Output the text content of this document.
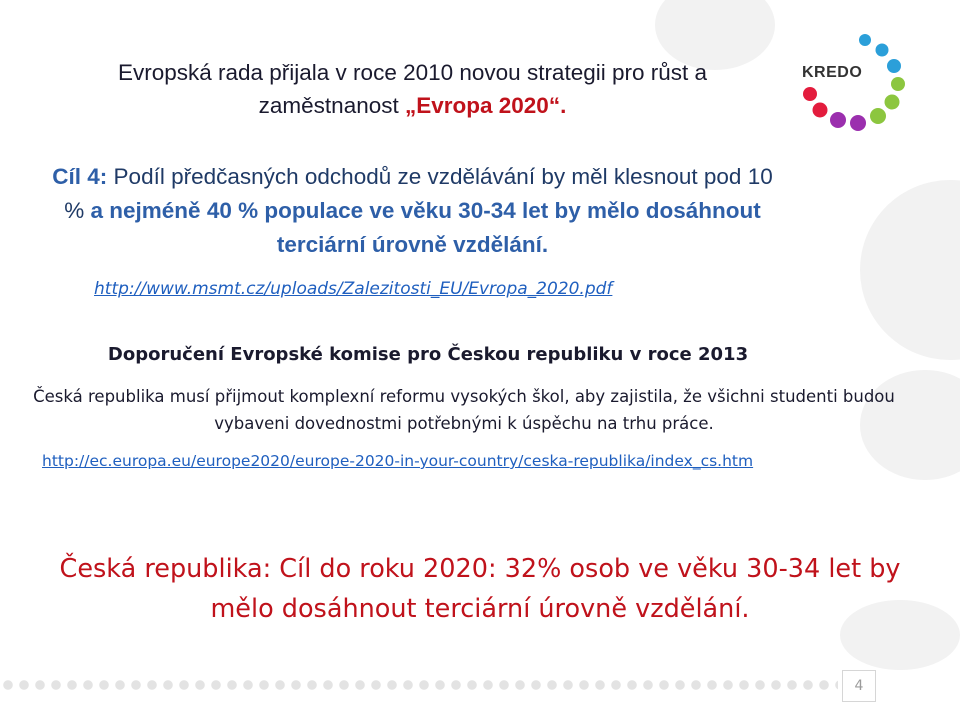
KREDO
Evropská rada přijala v roce 2010 novou strategii pro růst a
zaměstnanost „Evropa 2020“.
Cíl 4: Podíl předčasných odchodů ze vzdělávání by měl klesnout pod 10 % a nejméně 40 % populace ve věku 30-34 let by mělo dosáhnout terciární úrovně vzdělání.
http://www.msmt.cz/uploads/Zalezitosti_EU/Evropa_2020.pdf
Doporučení Evropské komise pro Českou republiku v roce 2013
Česká republika musí přijmout komplexní reformu vysokých škol, aby zajistila, že všichni studenti budou vybaveni dovednostmi potřebnými k úspěchu na trhu práce.
http://ec.europa.eu/europe2020/europe-2020-in-your-country/ceska-republika/index_cs.htm
Česká republika: Cíl do roku 2020: 32% osob ve věku 30-34 let by mělo dosáhnout terciární úrovně vzdělání.
4
